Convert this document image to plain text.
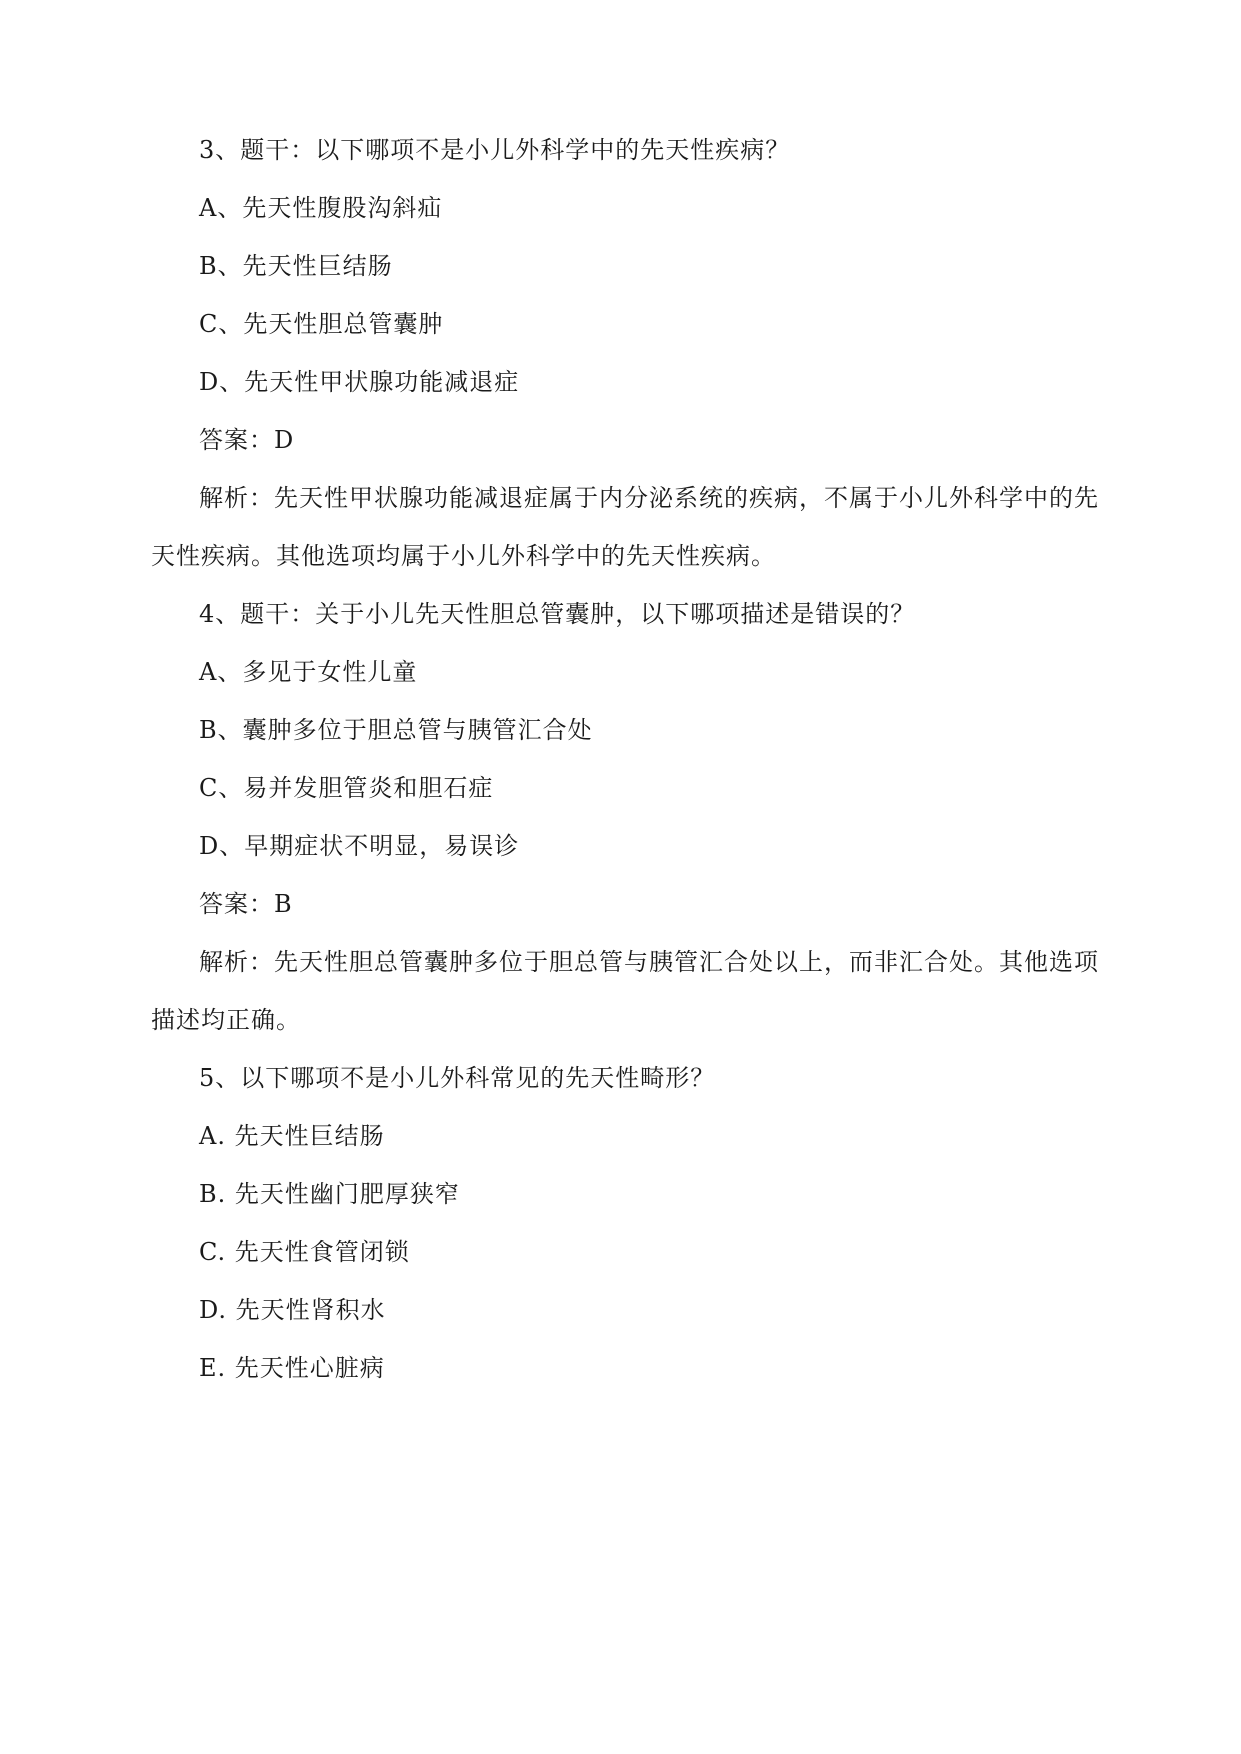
3、题干：以下哪项不是小儿外科学中的先天性疾病？
A、先天性腹股沟斜疝
B、先天性巨结肠
C、先天性胆总管囊肿
D、先天性甲状腺功能减退症
答案：D
解析：先天性甲状腺功能减退症属于内分泌系统的疾病，不属于小儿外科学中的先
天性疾病。其他选项均属于小儿外科学中的先天性疾病。
4、题干：关于小儿先天性胆总管囊肿，以下哪项描述是错误的？
A、多见于女性儿童
B、囊肿多位于胆总管与胰管汇合处
C、易并发胆管炎和胆石症
D、早期症状不明显，易误诊
答案：B
解析：先天性胆总管囊肿多位于胆总管与胰管汇合处以上，而非汇合处。其他选项
描述均正确。
5、以下哪项不是小儿外科常见的先天性畸形？
A. 先天性巨结肠
B. 先天性幽门肥厚狭窄
C. 先天性食管闭锁
D. 先天性肾积水
E. 先天性心脏病
